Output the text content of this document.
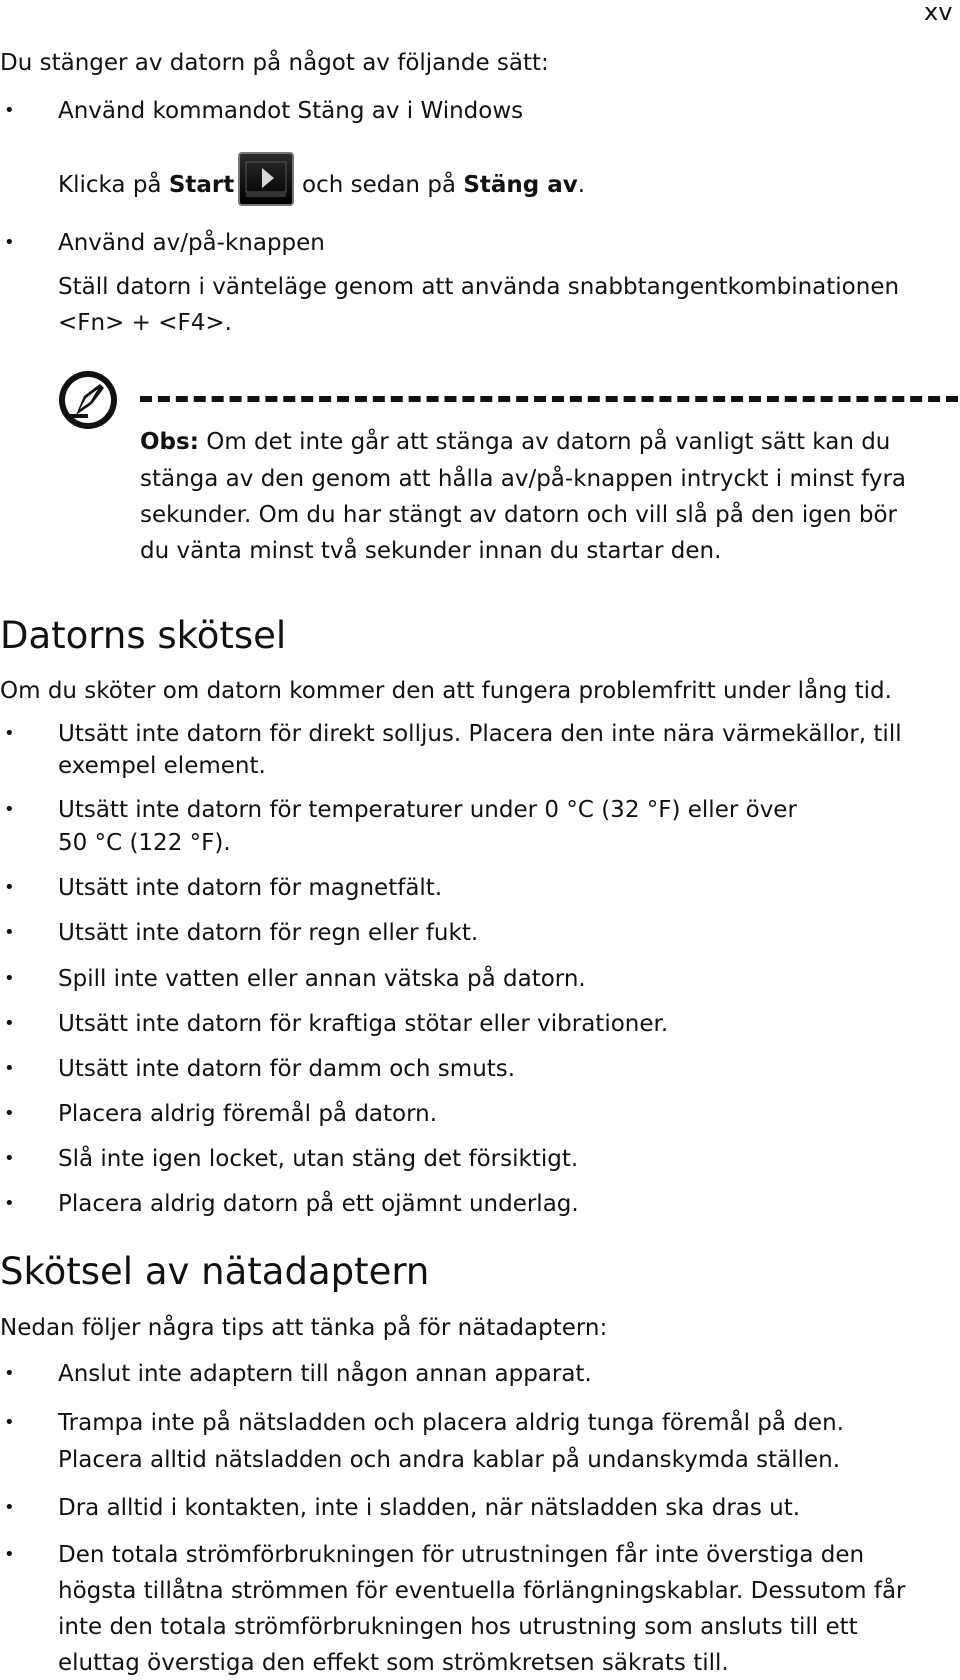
xv
Du stänger av datorn på något av följande sätt:
• Använd kommandot Stäng av i Windows
Klicka på Start	och sedan på Stäng av.
• Använd av/på-knappen
Ställ datorn i vänteläge genom att använda snabbtangentkombinationen
<Fn> + <F4>.
Obs: Om det inte går att stänga av datorn på vanligt sätt kan du
stänga av den genom att hålla av/på-knappen intryckt i minst fyra
sekunder. Om du har stängt av datorn och vill slå på den igen bör
du vänta minst två sekunder innan du startar den.
Datorns skötsel
Om du sköter om datorn kommer den att fungera problemfritt under lång tid.
• Utsätt inte datorn för direkt solljus. Placera den inte nära värmekällor, till
exempel element.
• Utsätt inte datorn för temperaturer under 0 °C (32 °F) eller över
50 °C (122 °F).
• Utsätt inte datorn för magnetfält.
• Utsätt inte datorn för regn eller fukt.
• Spill inte vatten eller annan vätska på datorn.
• Utsätt inte datorn för kraftiga stötar eller vibrationer.
• Utsätt inte datorn för damm och smuts.
• Placera aldrig föremål på datorn.
• Slå inte igen locket, utan stäng det försiktigt.
• Placera aldrig datorn på ett ojämnt underlag.
Skötsel av nätadaptern
Nedan följer några tips att tänka på för nätadaptern:
• Anslut inte adaptern till någon annan apparat.
• Trampa inte på nätsladden och placera aldrig tunga föremål på den.
Placera alltid nätsladden och andra kablar på undanskymda ställen.
• Dra alltid i kontakten, inte i sladden, när nätsladden ska dras ut.
• Den totala strömförbrukningen för utrustningen får inte överstiga den
högsta tillåtna strömmen för eventuella förlängningskablar. Dessutom får
inte den totala strömförbrukningen hos utrustning som ansluts till ett
eluttag överstiga den effekt som strömkretsen säkrats till.
